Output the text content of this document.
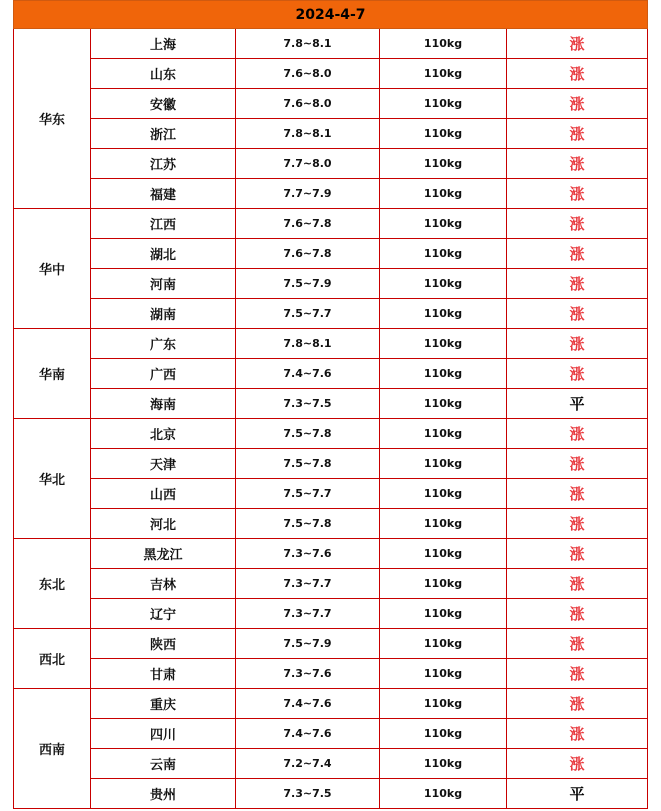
2024-4-7				
华东	上海	7.8~8.1	110kg	涨
	山东	7.6~8.0	110kg	涨
	安徽	7.6~8.0	110kg	涨
	浙江	7.8~8.1	110kg	涨
	江苏	7.7~8.0	110kg	涨
	福建	7.7~7.9	110kg	涨
华中	江西	7.6~7.8	110kg	涨
	湖北	7.6~7.8	110kg	涨
	河南	7.5~7.9	110kg	涨
	湖南	7.5~7.7	110kg	涨
华南	广东	7.8~8.1	110kg	涨
	广西	7.4~7.6	110kg	涨
	海南	7.3~7.5	110kg	平
华北	北京	7.5~7.8	110kg	涨
	天津	7.5~7.8	110kg	涨
	山西	7.5~7.7	110kg	涨
	河北	7.5~7.8	110kg	涨
东北	黑龙江	7.3~7.6	110kg	涨
	吉林	7.3~7.7	110kg	涨
	辽宁	7.3~7.7	110kg	涨
西北	陕西	7.5~7.9	110kg	涨
	甘肃	7.3~7.6	110kg	涨
西南	重庆	7.4~7.6	110kg	涨
	四川	7.4~7.6	110kg	涨
	云南	7.2~7.4	110kg	涨
	贵州	7.3~7.5	110kg	平
